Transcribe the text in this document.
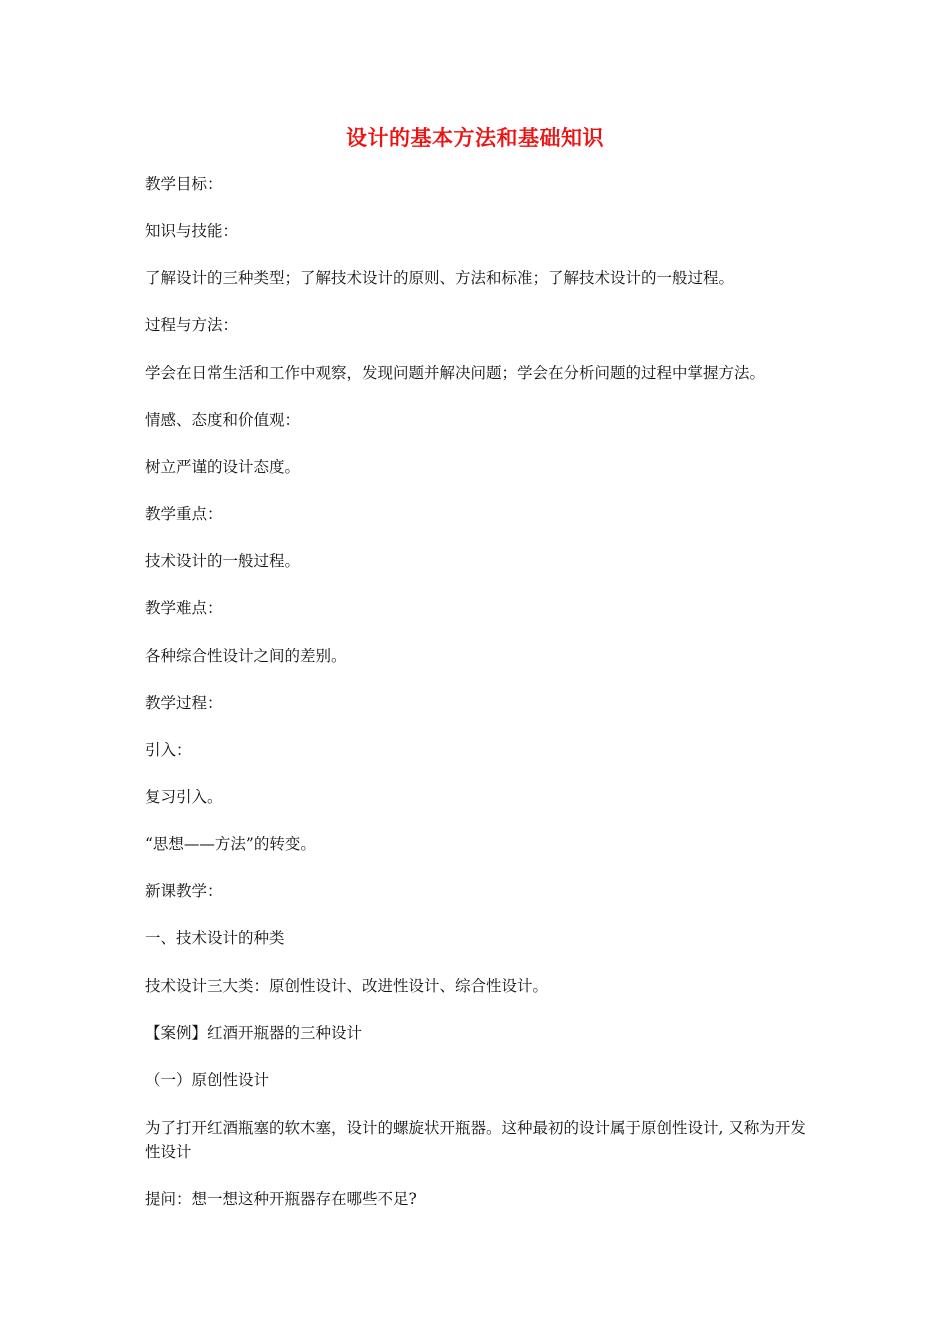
设计的基本方法和基础知识
教学目标：
知识与技能：
了解设计的三种类型；了解技术设计的原则、方法和标准；了解技术设计的一般过程。
过程与方法：
学会在日常生活和工作中观察，发现问题并解决问题；学会在分析问题的过程中掌握方法。
情感、态度和价值观：
树立严谨的设计态度。
教学重点：
技术设计的一般过程。
教学难点：
各种综合性设计之间的差别。
教学过程：
引入：
复习引入。
“思想——方法”的转变。
新课教学：
一、技术设计的种类
技术设计三大类：原创性设计、改进性设计、综合性设计。
【案例】红酒开瓶器的三种设计
（一）原创性设计
为了打开红酒瓶塞的软木塞，设计的螺旋状开瓶器。这种最初的设计属于原创性设计, 又称为开发性设计
提问：想一想这种开瓶器存在哪些不足?
